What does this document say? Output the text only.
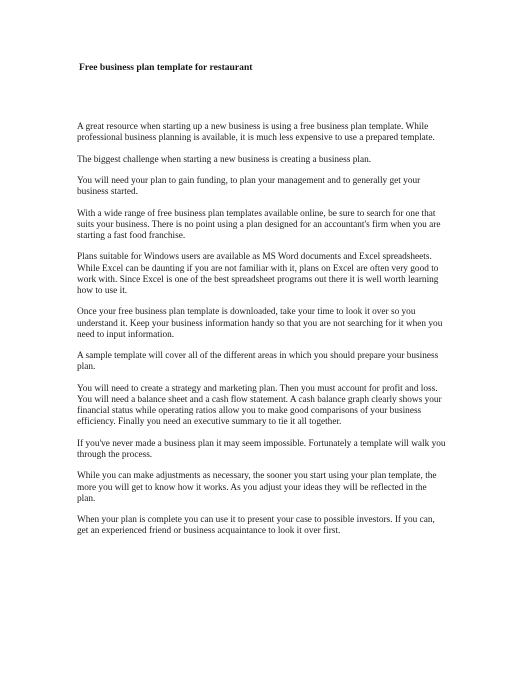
Free business plan template for restaurant

A great resource when starting up a new business is using a free business plan template. While professional business planning is available, it is much less expensive to use a prepared template.

The biggest challenge when starting a new business is creating a business plan.

You will need your plan to gain funding, to plan your management and to generally get your business started.

With a wide range of free business plan templates available online, be sure to search for one that suits your business. There is no point using a plan designed for an accountant's firm when you are starting a fast food franchise.

Plans suitable for Windows users are available as MS Word documents and Excel spreadsheets. While Excel can be daunting if you are not familiar with it, plans on Excel are often very good to work with. Since Excel is one of the best spreadsheet programs out there it is well worth learning how to use it.

Once your free business plan template is downloaded, take your time to look it over so you understand it. Keep your business information handy so that you are not searching for it when you need to input information.

A sample template will cover all of the different areas in which you should prepare your business plan.

You will need to create a strategy and marketing plan. Then you must account for profit and loss. You will need a balance sheet and a cash flow statement. A cash balance graph clearly shows your financial status while operating ratios allow you to make good comparisons of your business efficiency. Finally you need an executive summary to tie it all together.

If you've never made a business plan it may seem impossible. Fortunately a template will walk you through the process.

While you can make adjustments as necessary, the sooner you start using your plan template, the more you will get to know how it works. As you adjust your ideas they will be reflected in the plan.

When your plan is complete you can use it to present your case to possible investors. If you can, get an experienced friend or business acquaintance to look it over first.
